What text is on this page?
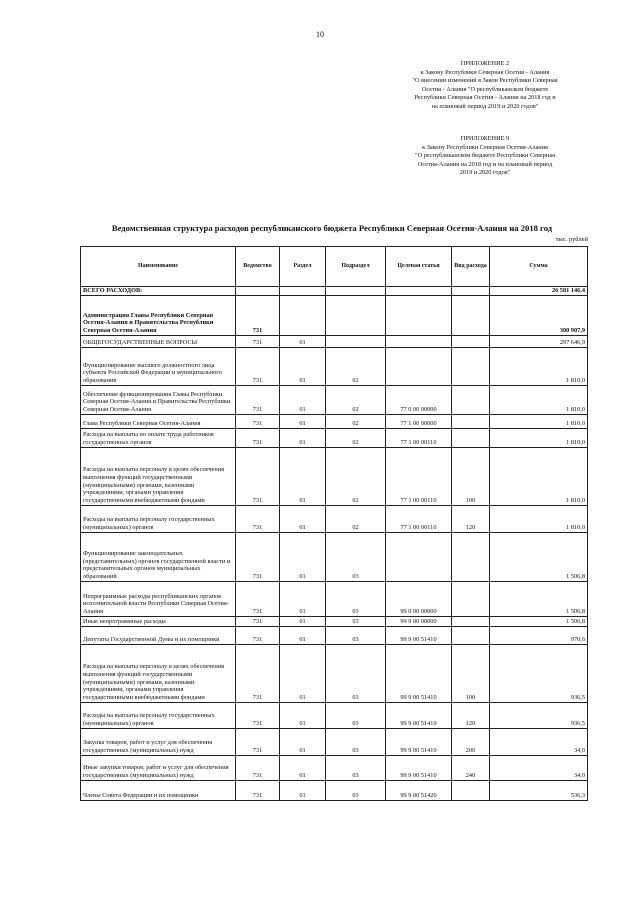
10
ПРИЛОЖЕНИЕ 2
к Закону Республики Северная Осетия - Алания
"О внесении изменений в Закон Республики Северная
Осетия - Алания "О республиканском бюджете
Республики Северная Осетия - Алания на 2018 год и
на плановый период 2019 и 2020 годов"
ПРИЛОЖЕНИЕ 9
к Закону Республики Северная Осетия-Алания
"О республиканском бюджете Республики Северная
Осетия-Алания на 2018 год и на плановый период
2019 и 2020 годов"
Ведомственная структура расходов республиканского бюджета Республики Северная Осетия-Алания на 2018 год
тыс. рублей
Наименование	Ведомство	Раздел	Подраздел	Целевая статья	Вид расхода	Сумма
ВСЕГО РАСХОДОВ:						26 581 146,4
Администрация Главы Республики Северная Осетия-Алания и Правительства Республики Северная Осетия-Алания	731					300 907,9
ОБЩЕГОСУДАРСТВЕННЫЕ ВОПРОСЫ	731	01				297 646,9
Функционирование высшего должностного лица субъекта Российской Федерации и муниципального образования	731	01	02			1 810,0
Обеспечение функционирования Главы Республики Северная Осетия-Алания и Правительства Республики Северная Осетия-Алания	731	01	02	77 0 00 00000		1 810,0
Глава Республики Северная Осетия-Алания	731	01	02	77 1 00 00000		1 810,0
Расходы на выплаты по оплате труда работников государственных органов	731	01	02	77 1 00 00110		1 810,0
Расходы на выплаты персоналу в целях обеспечения выполнения функций государственными (муниципальными) органами, казенными учреждениями, органами управления государственными внебюджетными фондами	731	01	02	77 1 00 00110	100	1 810,0
Расходы на выплаты персоналу государственных (муниципальных) органов	731	01	02	77 1 00 00110	120	1 810,0
Функционирование законодательных (представительных) органов государственной власти и представительных органов муниципальных образований	731	01	03			1 506,8
Непрограммные расходы республиканских органов исполнительной власти Республики Северная Осетия-Алания	731	01	03	99 0 00 00000		1 506,8
Иные непрограммные расходы	731	01	03	99 9 00 00000		1 506,8
Депутаты Государственной Думы и их помощники	731	01	03	99 9 00 51410		970,6
Расходы на выплаты персоналу в целях обеспечения выполнения функций государственными (муниципальными) органами, казенными учреждениями, органами управления государственными внебюджетными фондами	731	01	03	99 9 00 51410	100	936,5
Расходы на выплаты персоналу государственных (муниципальных) органов	731	01	03	99 9 00 51410	120	936,5
Закупка товаров, работ и услуг для обеспечения государственных (муниципальных) нужд	731	01	03	99 9 00 51410	200	34,0
Иные закупки товаров, работ и услуг для обеспечения государственных (муниципальных) нужд	731	01	03	99 9 00 51410	240	34,0
Члены Совета Федерации и их помощники	731	01	03	99 9 00 51420		536,3
